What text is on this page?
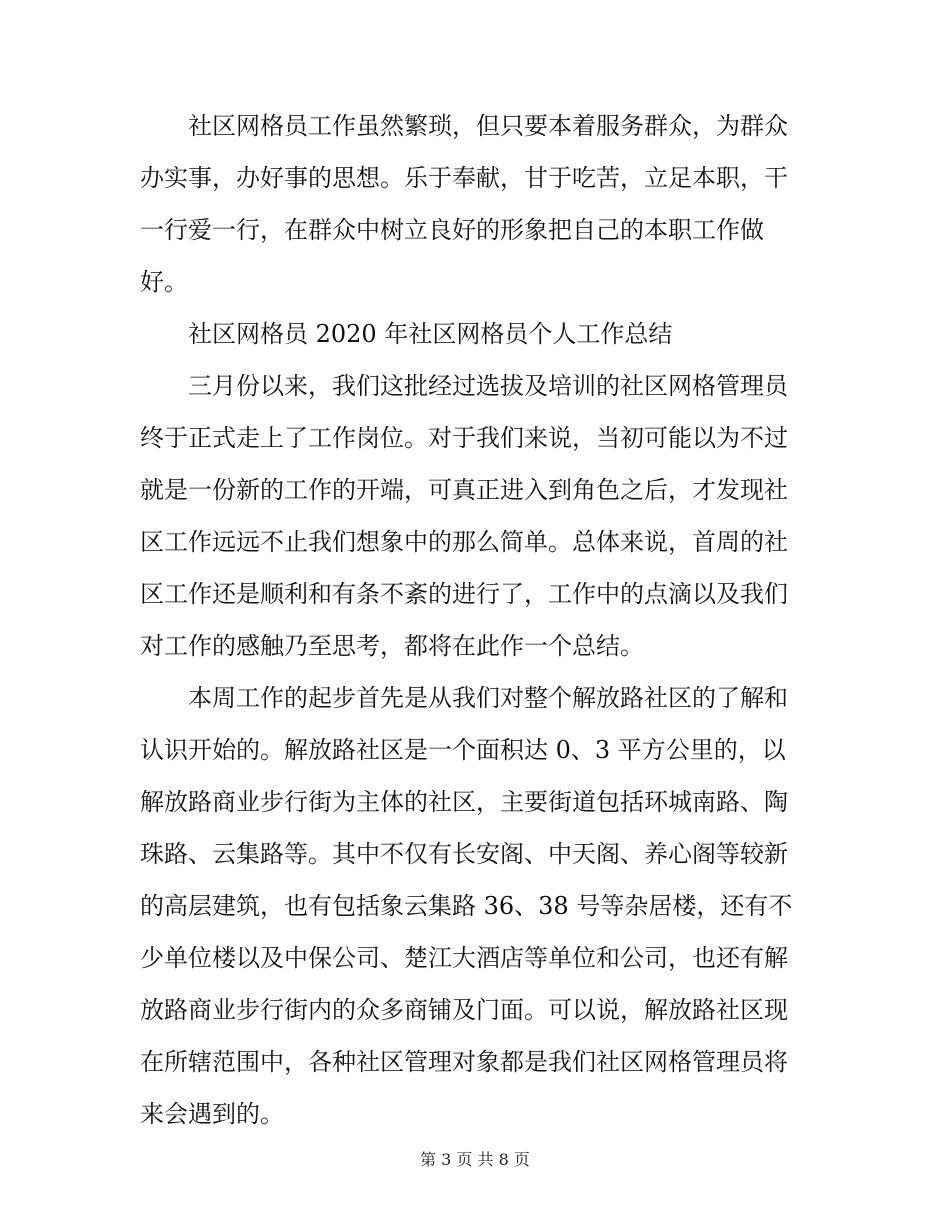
社区网格员工作虽然繁琐，但只要本着服务群众，为群众
办实事，办好事的思想。乐于奉献，甘于吃苦，立足本职，干
一行爱一行，在群众中树立良好的形象把自己的本职工作做
好。
社区网格员 2020 年社区网格员个人工作总结
三月份以来，我们这批经过选拔及培训的社区网格管理员
终于正式走上了工作岗位。对于我们来说，当初可能以为不过
就是一份新的工作的开端，可真正进入到角色之后，才发现社
区工作远远不止我们想象中的那么简单。总体来说，首周的社
区工作还是顺利和有条不紊的进行了，工作中的点滴以及我们
对工作的感触乃至思考，都将在此作一个总结。
本周工作的起步首先是从我们对整个解放路社区的了解和
认识开始的。解放路社区是一个面积达 0、3 平方公里的，以
解放路商业步行街为主体的社区，主要街道包括环城南路、陶
珠路、云集路等。其中不仅有长安阁、中天阁、养心阁等较新
的高层建筑，也有包括象云集路 36、38 号等杂居楼，还有不
少单位楼以及中保公司、楚江大酒店等单位和公司，也还有解
放路商业步行街内的众多商铺及门面。可以说，解放路社区现
在所辖范围中，各种社区管理对象都是我们社区网格管理员将
来会遇到的。
第 3 页 共 8 页
